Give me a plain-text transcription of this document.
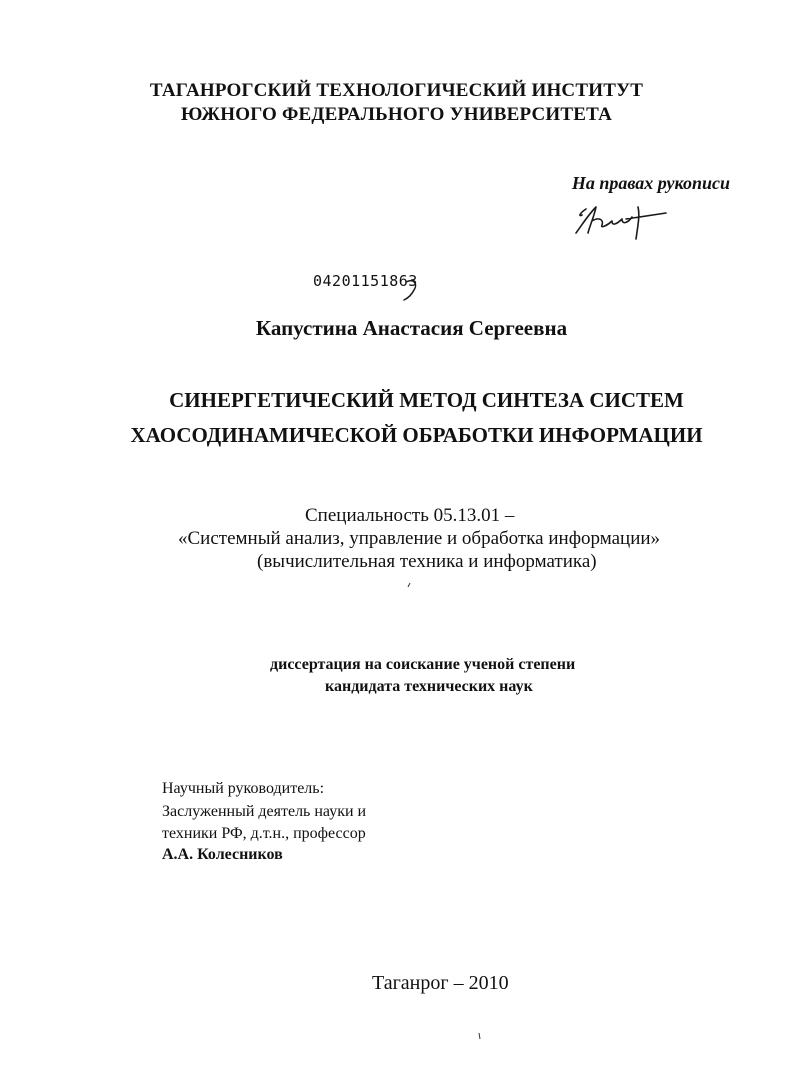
ТАГАНРОГСКИЙ ТЕХНОЛОГИЧЕСКИЙ ИНСТИТУТ
ЮЖНОГО ФЕДЕРАЛЬНОГО УНИВЕРСИТЕТА
На правах рукописи
04201151863
Капустина Анастасия Сергеевна
СИНЕРГЕТИЧЕСКИЙ МЕТОД СИНТЕЗА СИСТЕМ
ХАОСОДИНАМИЧЕСКОЙ ОБРАБОТКИ ИНФОРМАЦИИ
Специальность 05.13.01 –
«Системный анализ, управление и обработка информации»
(вычислительная техника и информатика)
диссертация на соискание ученой степени
кандидата технических наук
Научный руководитель:
Заслуженный деятель науки и
техники РФ, д.т.н., профессор
А.А. Колесников
Таганрог – 2010
